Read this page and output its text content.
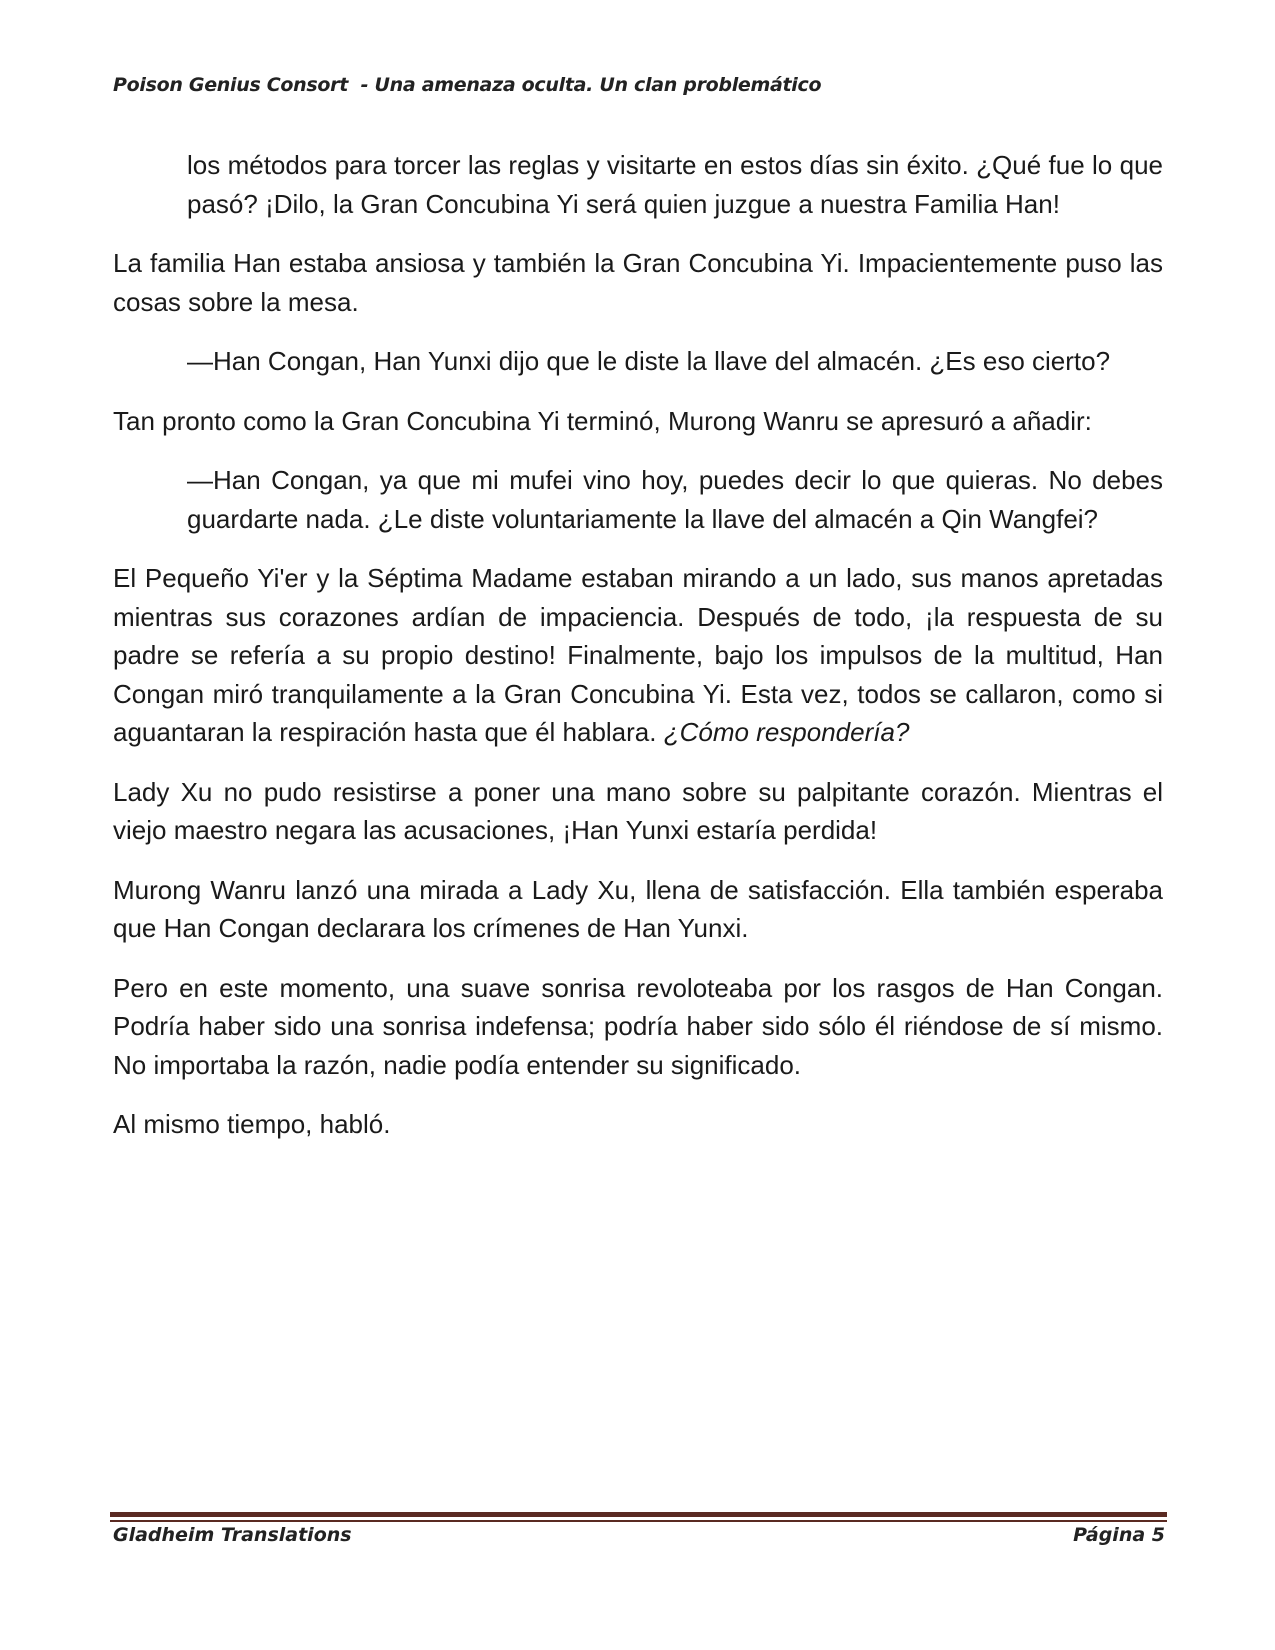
Poison Genius Consort  - Una amenaza oculta. Un clan problemático

los métodos para torcer las reglas y visitarte en estos días sin éxito. ¿Qué fue lo que pasó? ¡Dilo, la Gran Concubina Yi será quien juzgue a nuestra Familia Han!

La familia Han estaba ansiosa y también la Gran Concubina Yi. Impacientemente puso las cosas sobre la mesa.

—Han Congan, Han Yunxi dijo que le diste la llave del almacén. ¿Es eso cierto?

Tan pronto como la Gran Concubina Yi terminó, Murong Wanru se apresuró a añadir:

—Han Congan, ya que mi mufei vino hoy, puedes decir lo que quieras. No debes guardarte nada. ¿Le diste voluntariamente la llave del almacén a Qin Wangfei?

El Pequeño Yi'er y la Séptima Madame estaban mirando a un lado, sus manos apretadas mientras sus corazones ardían de impaciencia. Después de todo, ¡la respuesta de su padre se refería a su propio destino! Finalmente, bajo los impulsos de la multitud, Han Congan miró tranquilamente a la Gran Concubina Yi. Esta vez, todos se callaron, como si aguantaran la respiración hasta que él hablara. ¿Cómo respondería?

Lady Xu no pudo resistirse a poner una mano sobre su palpitante corazón. Mientras el viejo maestro negara las acusaciones, ¡Han Yunxi estaría perdida!

Murong Wanru lanzó una mirada a Lady Xu, llena de satisfacción. Ella también esperaba que Han Congan declarara los crímenes de Han Yunxi.

Pero en este momento, una suave sonrisa revoloteaba por los rasgos de Han Congan. Podría haber sido una sonrisa indefensa; podría haber sido sólo él riéndose de sí mismo. No importaba la razón, nadie podía entender su significado.

Al mismo tiempo, habló.

Gladheim Translations	Página 5
